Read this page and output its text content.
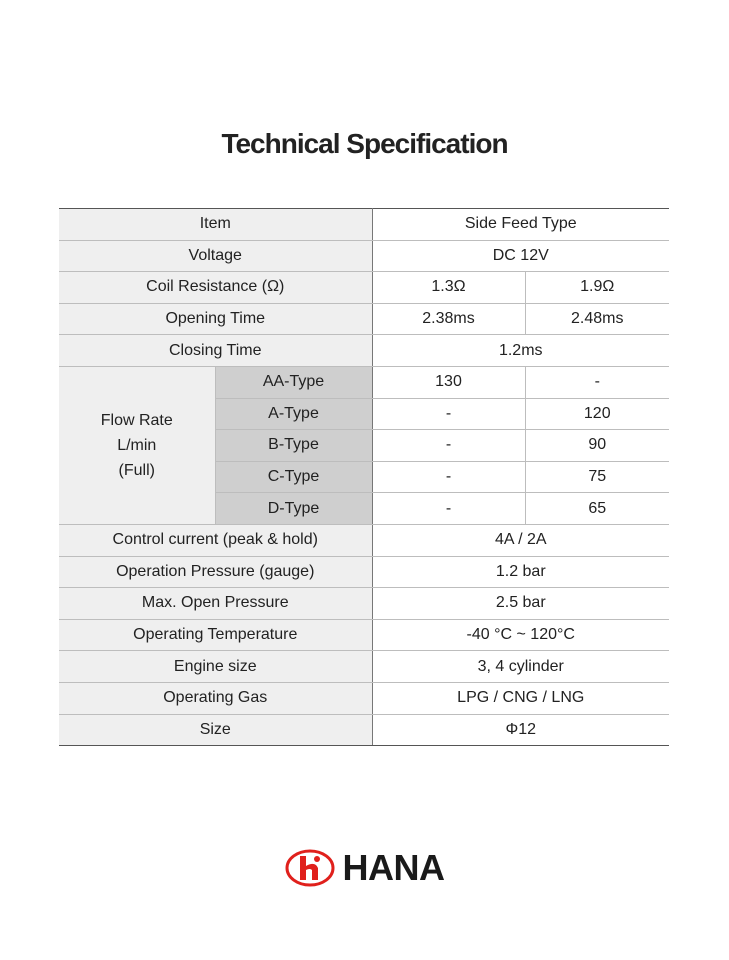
Technical Specification
Item		Side Feed Type	
Voltage		DC 12V	
Coil Resistance (Ω)		1.3Ω	1.9Ω
Opening Time		2.38ms	2.48ms
Closing Time		1.2ms	

Flow Rate
L/min
(Full)	AA-Type	130	-
	A-Type	-	120
	B-Type	-	90
	C-Type	-	75
	D-Type	-	65
Control current (peak & hold)		4A / 2A	
Operation Pressure (gauge)		1.2 bar	
Max. Open Pressure		2.5 bar	
Operating Temperature		-40 °C ~ 120°C	
Engine size		3, 4 cylinder	
Operating Gas		LPG / CNG / LNG	
Size		Φ12	
HANA
